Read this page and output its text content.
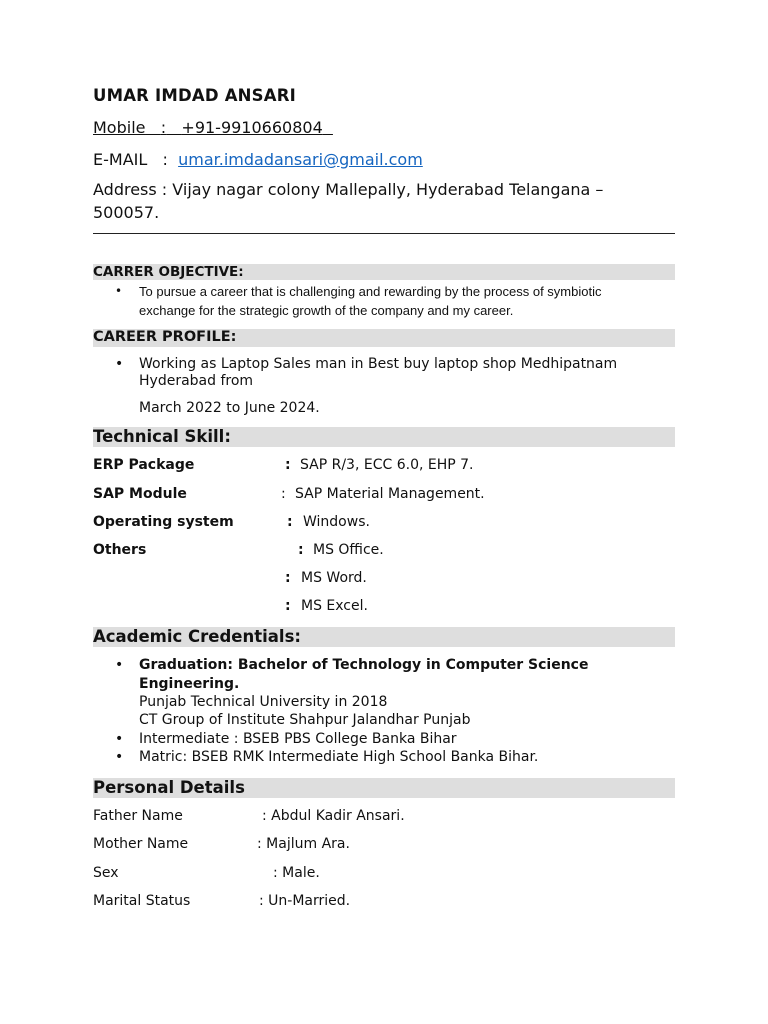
UMAR IMDAD ANSARI
Mobile : +91-9910660804
E-MAIL : umar.imdadansari@gmail.com
Address : Vijay nagar colony Mallepally, Hyderabad Telangana –
500057.
CARRER OBJECTIVE:
• To pursue a career that is challenging and rewarding by the process of symbiotic
exchange for the strategic growth of the company and my career.
CAREER PROFILE:
• Working as Laptop Sales man in Best buy laptop shop Medhipatnam
Hyderabad from
March 2022 to June 2024.
Technical Skill:
ERP Package	: SAP R/3, ECC 6.0, EHP 7.
SAP Module	: SAP Material Management.
Operating system	: Windows.
Others	: MS Office.
: MS Word.
: MS Excel.
Academic Credentials:
• Graduation: Bachelor of Technology in Computer Science
Engineering.
Punjab Technical University in 2018
CT Group of Institute Shahpur Jalandhar Punjab
• Intermediate : BSEB PBS College Banka Bihar
• Matric: BSEB RMK Intermediate High School Banka Bihar.
Personal Details
Father Name	: Abdul Kadir Ansari.
Mother Name	: Majlum Ara.
Sex	: Male.
Marital Status	: Un-Married.
